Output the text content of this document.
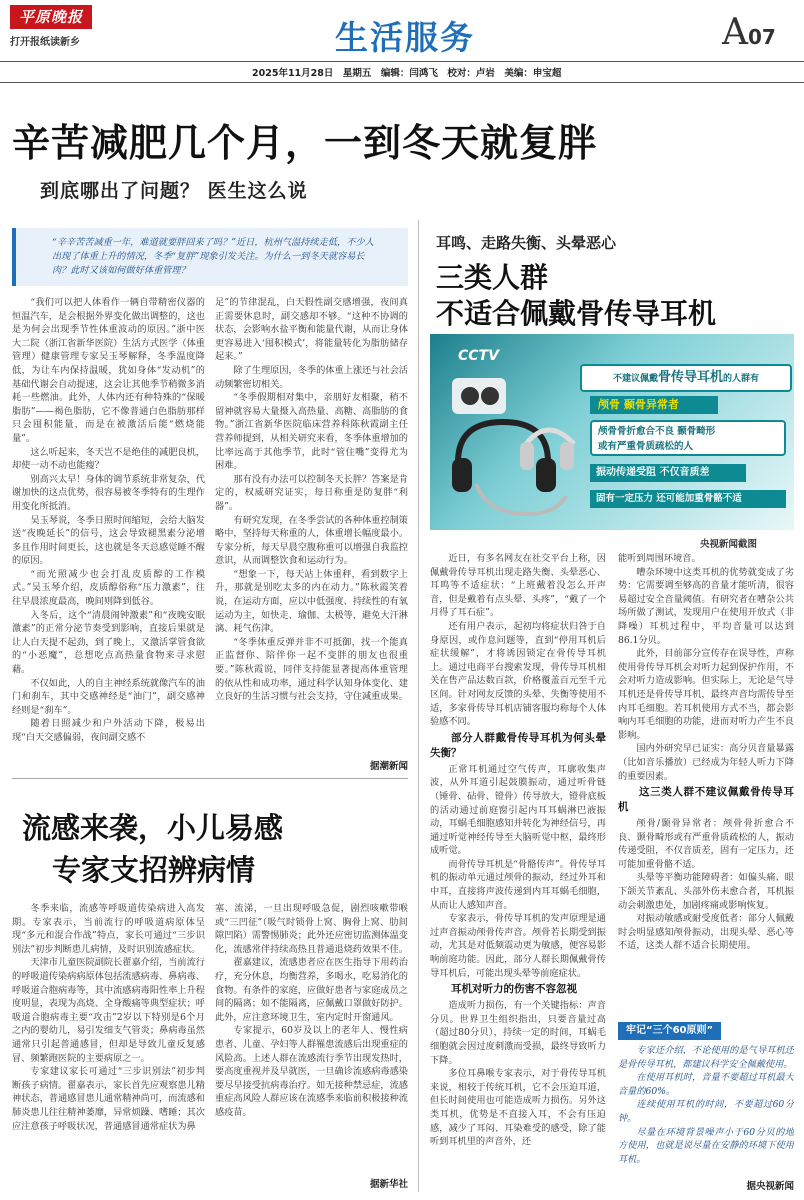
平原晚报
打开报纸读新乡	生活服务	A07
2025年11月28日　星期五　编辑：闫鸿飞　校对：卢岩　美编：申宝超
辛苦减肥几个月，一到冬天就复胖
到底哪出了问题？ 医生这么说
“辛辛苦苦减重一年，难道就要胖回来了吗？”近日，杭州气温持续走低，不少人出现了体重上升的情况，冬季“复胖”现象引发关注。为什么一到冬天就容易长肉？此时又该如何做好体重管理？

“我们可以把人体看作一辆自带精密仪器的恒温汽车，是会根据外界变化做出调整的，这也是为何会出现季节性体重波动的原因。”浙中医大二院（浙江省新华医院）生活方式医学（体重管理）健康管理专家吴玉琴解释，冬季温度降低，为让车内保持温暖，犹如身体“发动机”的基础代谢会自动提速，这会让其他季节稍微多消耗一些燃油。此外，人体内还有种特殊的“保暖脂肪”——褐色脂肪，它不像普通白色脂肪那样只会囤积能量，而是在被激活后能“燃烧能量”。

这么听起来，冬天岂不是绝佳的减肥良机，却使一动不动也能瘦？

别高兴太早！身体的调节系统非常复杂，代谢加快的这点优势，很容易被冬季特有的生理作用变化所抵消。

吴玉琴说，冬季日照时间缩短，会给大脑发送“夜晚延长”的信号，这会导致褪黑素分泌增多且作用时间更长，这也就是冬天总感觉睡不醒的原因。

“而光照减少也会打乱皮质醇的工作模式。”吴玉琴介绍，皮质醇俗称“压力激素”，往往早晨浓度最高，晚间则降到低谷。

入冬后，这个“清晨闹钟激素”和“夜晚安眠激素”的正常分泌节奏受到影响，直接后果就是让人白天提不起劲，到了晚上，又激活掌管食欲的“小恶魔”，总想吃点高热量食物来寻求慰藉。

不仅如此，人的自主神经系统就像汽车的油门和刹车，其中交感神经是“油门”，副交感神经则是“刹车”。

随着日照减少和户外活动下降，极易出现“白天交感偏弱，夜间副交感不

足”的节律混乱，白天假性副交感增强，夜间真正需要休息时，副交感却不够。“这种不协调的状态，会影响水盐平衡和能量代谢，从而让身体更容易进入‘囤积模式’，将能量转化为脂肪储存起来。”

除了生理原因，冬季的体重上涨还与社会活动频繁密切相关。

“冬季假期相对集中，亲朋好友相聚，稍不留神就容易大量摄入高热量、高糖、高脂肪的食物。”浙江省新华医院临床营养科陈秋霞副主任营养师提到，从相关研究来看，冬季体重增加的比率远高于其他季节，此时“管住嘴”变得尤为困难。

那有没有办法可以控制冬天长胖？答案是肯定的，权威研究证实，每日称重是防复胖“利器”。

有研究发现，在冬季尝试的各种体重控制策略中，坚持每天称重的人，体重增长幅度最小。专家分析，每天早晨空腹称重可以增强自我监控意识，从而调整饮食和运动行为。

“想象一下，每天站上体重秤，看到数字上升，那就是别吃太多的内在动力。”陈秋霞笑着说，在运动方面，应以中低强度、持续性的有氧运动为主，如快走、瑜伽、太极等，避免大汗淋漓、耗气伤津。

“冬季体重反弹并非不可抵御，找一个能真正监督你、陪伴你一起不变胖的朋友也很重要。”陈秋霞说，同伴支持能显著提高体重管理的依从性和成功率，通过科学认知身体变化、建立良好的生活习惯与社会支持，守住减重成果。

据潮新闻
流感来袭，小儿易感
专家支招辨病情

冬季来临，流感等呼吸道传染病进入高发期。专家表示，当前流行的呼吸道病原体呈现“多元和混合作战”特点，家长可通过“三步识别法”初步判断患儿病情，及时识别流感症状。

天津市儿童医院副院长翟嘉介绍，当前流行的呼吸道传染病病原体包括流感病毒、鼻病毒、呼吸道合胞病毒等，其中流感病毒阳性率上升程度明显，表现为高烧、全身酸痛等典型症状；呼吸道合胞病毒主要“攻击”2岁以下特别是6个月之内的婴幼儿，易引发细支气管炎；鼻病毒虽然通常只引起普通感冒，但却是导致儿童反复感冒、频繁跑医院的主要病原之一。

专家建议家长可通过“三步识别法”初步判断孩子病情。翟嘉表示，家长首先应观察患儿精神状态，普通感冒患儿通常精神尚可，而流感和肺炎患儿往往精神萎靡，异常烦躁、嗜睡；其次应注意孩子呼吸状况，普通感冒通常症状为鼻

塞、流涕，一旦出现呼吸急促，剧烈咳嗽带喉或“三凹征”（吸气时锁骨上窝、胸骨上窝、肋间隙凹陷）需警惕肺炎；此外还应密切监测体温变化，流感常伴持续高热且普通退烧药效果不佳。

翟嘉建议，流感患者应在医生指导下用药治疗，充分休息，均衡营养，多喝水，吃易消化的食物。有条件的家庭，应做好患者与家庭成员之间的隔离；如不能隔离，应佩戴口罩做好防护。此外，应注意环境卫生，室内定时开窗通风。

专家提示，60岁及以上的老年人、慢性病患者、儿童、孕妇等人群罹患流感后出现重症的风险高。上述人群在流感流行季节出现发热时，要高度重视并及早就医，一旦确诊流感病毒感染要尽早接受抗病毒治疗。如无接种禁忌症，流感重症高风险人群应该在流感季来临前积极接种流感疫苗。

据新华社
耳鸣、走路失衡、头晕恶心
三类人群
不适合佩戴骨传导耳机
CCTV
不建议佩戴骨传导耳机的人群有
颅骨 颞骨异常者
颅骨骨折愈合不良 颞骨畸形
或有严重骨质疏松的人
振动传递受阻 不仅音质差
固有一定压力 还可能加重骨骼不适
央视新闻截图

近日，有多名网友在社交平台上称，因佩戴骨传导耳机出现走路失衡、头晕恶心、耳鸣等不适症状：“上班戴着没怎么开声音，但是戴着有点头晕、头疼”，“戴了一个月得了耳石症”。

还有用户表示，起初均将症状归咎于自身原因，或作息问题等，直到“停用耳机后症状缓解”，才将诱因锁定在骨传导耳机上。通过电商平台搜索发现，骨传导耳机相关在售产品达数百款，价格覆盖百元至千元区间。针对网友反馈的头晕、失衡等使用不适，多家骨传导耳机店铺客服均称每个人体验感不同。

部分人群戴骨传导耳机为何头晕失衡？

正常耳机通过空气传声，耳廓收集声波，从外耳道引起鼓膜振动，通过听骨链（锤骨、砧骨、镫骨）传导放大，镫骨底板的活动通过前庭窗引起内耳耳蜗淋巴液振动，耳蜗毛细胞感知并转化为神经信号，再通过听觉神经传导至大脑听觉中枢，最终形成听觉。

而骨传导耳机是“骨骼传声”。骨传导耳机的振动单元通过颅骨的振动，经过外耳和中耳，直接将声波传递到内耳耳蜗毛细胞，从而让人感知声音。

专家表示，骨传导耳机的发声原理是通过声音振动颅骨传声音。颅骨若长期受到振动，尤其是对低频震动更为敏感，便容易影响前庭功能。因此，部分人群长期佩戴骨传导耳机后，可能出现头晕等前庭症状。

耳机对听力的伤害不容忽视

造成听力损伤，有一个关键指标：声音分贝。世界卫生组织指出，只要音量过高（超过80分贝），持续一定的时间，耳蜗毛细胞就会因过度刺激而受损，最终导致听力下降。

多位耳鼻喉专家表示，对于骨传导耳机来说，相较于传统耳机，它不会压迫耳道，但长时间使用也可能造成听力损伤。另外这类耳机，优势是不直接入耳，不会有压迫感，减少了耳闷、耳染难受的感受，除了能听到耳机里的声音外，还

能听到周围环境音。

嘈杂环境中这类耳机的优势就变成了劣势：它需要调至够高的音量才能听清，很容易超过安全音量阈值。有研究者在嘈杂公共场所做了测试，发现用户在使用开放式（非降噪）耳机过程中，平均音量可以达到86.1分贝。

此外，目前部分宣传存在误导性，声称使用骨传导耳机会对听力起到保护作用，不会对听力造成影响。但实际上，无论是气导耳机还是骨传导耳机，最终声音均需传导至内耳毛细胞。若耳机使用方式不当，都会影响内耳毛细胞的功能，进而对听力产生不良影响。

国内外研究早已证实：高分贝音量暴露（比如音乐播放）已经成为年轻人听力下降的重要因素。

这三类人群不建议佩戴骨传导耳机

颅骨/颞骨异常者：颅骨骨折愈合不良、颞骨畸形或有严重骨质疏松的人，振动传递受阻，不仅音质差，固有一定压力，还可能加重骨骼不适。

头晕等平衡功能障碍者：如偏头痛、眼下颌关节紊乱、头部外伤未愈合者，耳机振动会刺激患处，加剧疼痛或影响恢复。

对振动敏感或耐受度低者：部分人佩戴时会明显感知颅骨振动，出现头晕、恶心等不适，这类人群不适合长期使用。

牢记“三个60原则”

专家还介绍，不论使用的是气导耳机还是骨传导耳机，都建议科学安全佩戴使用。

在使用耳机时，音量不要超过耳机最大音量的60%。

连续使用耳机的时间，不要超过60分钟。

尽量在环境背景噪声小于60分贝的地方使用，也就是说尽量在安静的环境下使用耳机。

据央视新闻
